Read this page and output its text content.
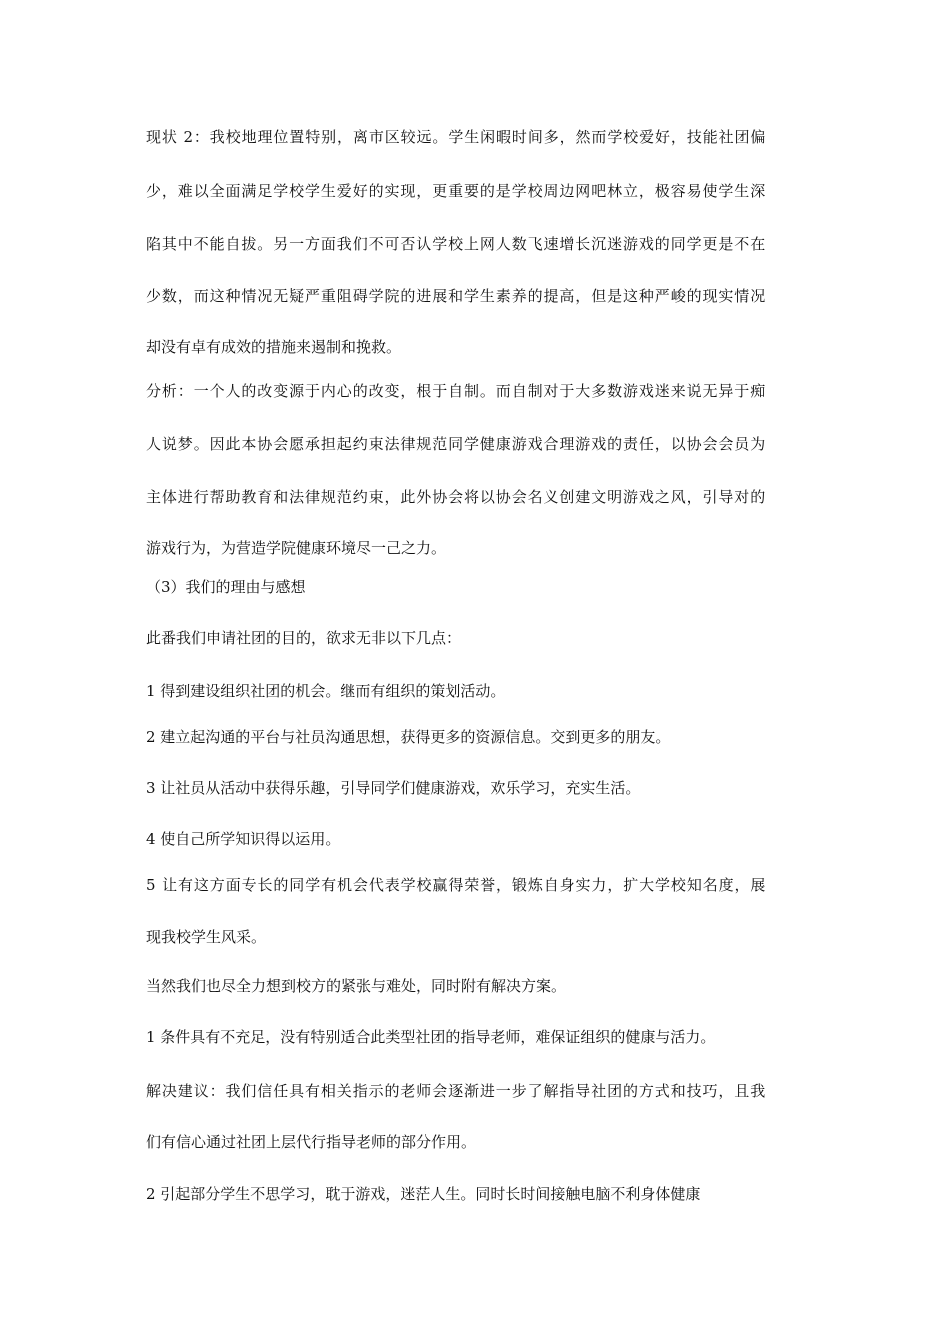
现状 2：我校地理位置特别，离市区较远。学生闲暇时间多，然而学校爱好，技能社团偏

少，难以全面满足学校学生爱好的实现，更重要的是学校周边网吧林立，极容易使学生深

陷其中不能自拔。另一方面我们不可否认学校上网人数飞速增长沉迷游戏的同学更是不在

少数，而这种情况无疑严重阻碍学院的进展和学生素养的提高，但是这种严峻的现实情况

却没有卓有成效的措施来遏制和挽救。

分析：一个人的改变源于内心的改变，根于自制。而自制对于大多数游戏迷来说无异于痴

人说梦。因此本协会愿承担起约束法律规范同学健康游戏合理游戏的责任，以协会会员为

主体进行帮助教育和法律规范约束，此外协会将以协会名义创建文明游戏之风，引导对的

游戏行为，为营造学院健康环境尽一己之力。

（3）我们的理由与感想

此番我们申请社团的目的，欲求无非以下几点：

1 得到建设组织社团的机会。继而有组织的策划活动。

2 建立起沟通的平台与社员沟通思想，获得更多的资源信息。交到更多的朋友。

3 让社员从活动中获得乐趣，引导同学们健康游戏，欢乐学习，充实生活。

4 使自己所学知识得以运用。

5 让有这方面专长的同学有机会代表学校赢得荣誉，锻炼自身实力，扩大学校知名度，展

现我校学生风采。

当然我们也尽全力想到校方的紧张与难处，同时附有解决方案。

1 条件具有不充足，没有特别适合此类型社团的指导老师，难保证组织的健康与活力。

解决建议：我们信任具有相关指示的老师会逐渐进一步了解指导社团的方式和技巧，且我

们有信心通过社团上层代行指导老师的部分作用。

2 引起部分学生不思学习，耽于游戏，迷茫人生。同时长时间接触电脑不利身体健康
